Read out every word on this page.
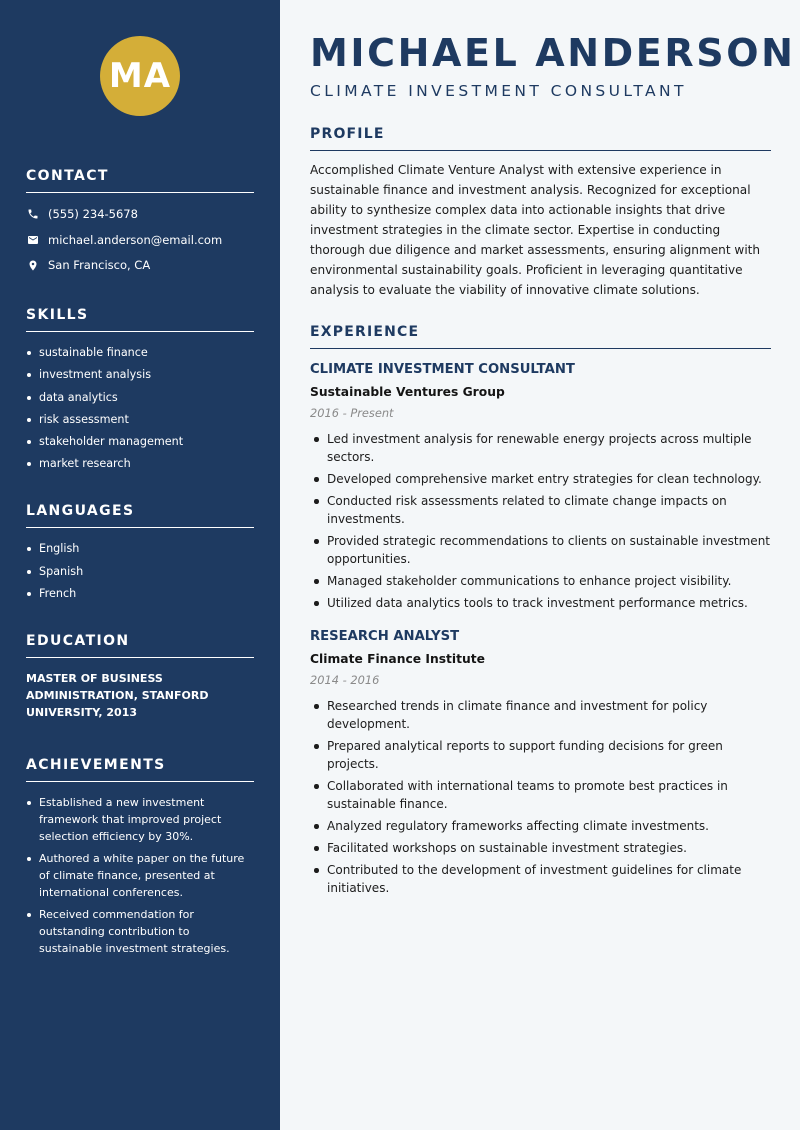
MA
CONTACT
(555) 234-5678
michael.anderson@email.com
San Francisco, CA
SKILLS
sustainable finance
investment analysis
data analytics
risk assessment
stakeholder management
market research
LANGUAGES
English
Spanish
French
EDUCATION
MASTER OF BUSINESS ADMINISTRATION, STANFORD UNIVERSITY, 2013
ACHIEVEMENTS
Established a new investment framework that improved project selection efficiency by 30%.
Authored a white paper on the future of climate finance, presented at international conferences.
Received commendation for outstanding contribution to sustainable investment strategies.
MICHAEL ANDERSON
CLIMATE INVESTMENT CONSULTANT
PROFILE

Accomplished Climate Venture Analyst with extensive experience in sustainable finance and investment analysis. Recognized for exceptional ability to synthesize complex data into actionable insights that drive investment strategies in the climate sector. Expertise in conducting thorough due diligence and market assessments, ensuring alignment with environmental sustainability goals. Proficient in leveraging quantitative analysis to evaluate the viability of innovative climate solutions.

EXPERIENCE
CLIMATE INVESTMENT CONSULTANT
Sustainable Ventures Group
2016 - Present
Led investment analysis for renewable energy projects across multiple sectors.
Developed comprehensive market entry strategies for clean technology.
Conducted risk assessments related to climate change impacts on investments.
Provided strategic recommendations to clients on sustainable investment opportunities.
Managed stakeholder communications to enhance project visibility.
Utilized data analytics tools to track investment performance metrics.
RESEARCH ANALYST
Climate Finance Institute
2014 - 2016
Researched trends in climate finance and investment for policy development.
Prepared analytical reports to support funding decisions for green projects.
Collaborated with international teams to promote best practices in sustainable finance.
Analyzed regulatory frameworks affecting climate investments.
Facilitated workshops on sustainable investment strategies.
Contributed to the development of investment guidelines for climate initiatives.
